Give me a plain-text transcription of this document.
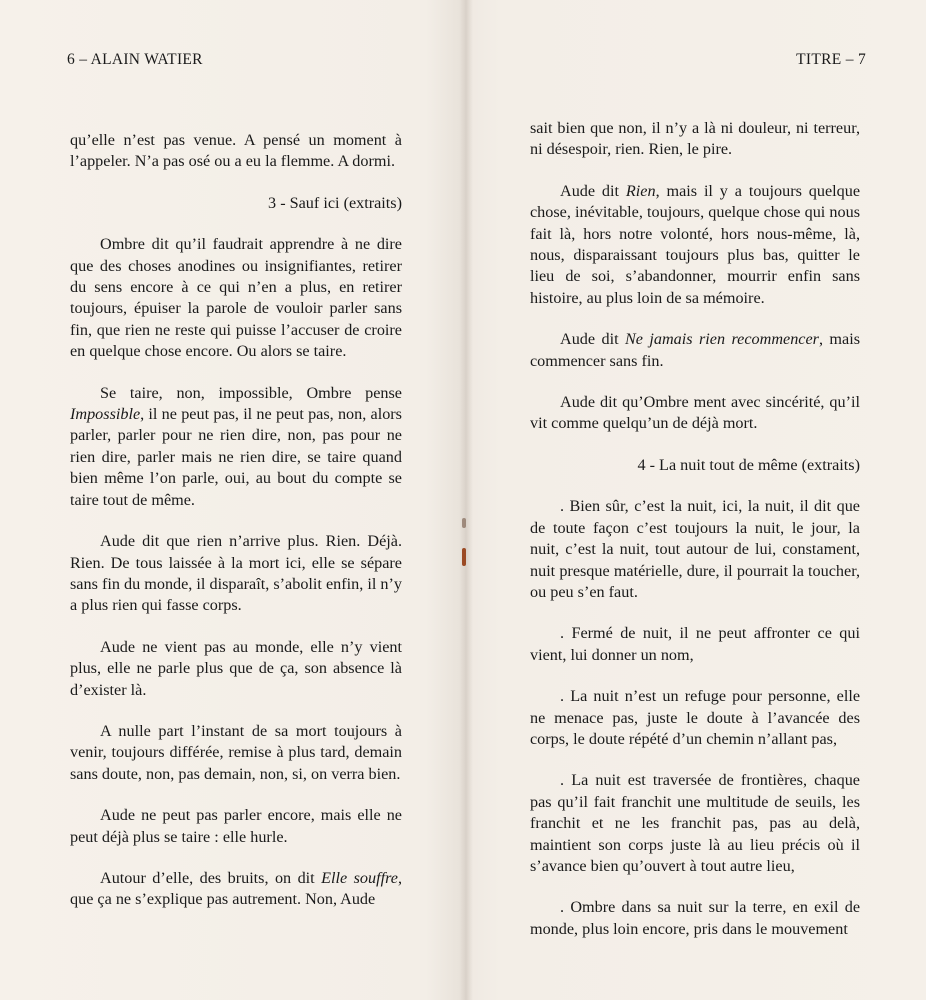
6 – ALAIN WATIER

qu’elle n’est pas venue. A pensé un moment à l’appeler. N’a pas osé ou a eu la flemme. A dormi.

3 - Sauf ici (extraits)

Ombre dit qu’il faudrait apprendre à ne dire que des choses anodines ou insignifiantes, retirer du sens encore à ce qui n’en a plus, en retirer toujours, épuiser la parole de vouloir parler sans fin, que rien ne reste qui puisse l’accuser de croire en quelque chose encore. Ou alors se taire.

Se taire, non, impossible, Ombre pense Impossible, il ne peut pas, il ne peut pas, non, alors parler, parler pour ne rien dire, non, pas pour ne rien dire, parler mais ne rien dire, se taire quand bien même l’on parle, oui, au bout du compte se taire tout de même.

Aude dit que rien n’arrive plus. Rien. Déjà. Rien. De tous laissée à la mort ici, elle se sépare sans fin du monde, il disparaît, s’abolit enfin, il n’y a plus rien qui fasse corps.

Aude ne vient pas au monde, elle n’y vient plus, elle ne parle plus que de ça, son absence là d’exister là.

A nulle part l’instant de sa mort toujours à venir, toujours différée, remise à plus tard, demain sans doute, non, pas demain, non, si, on verra bien.

Aude ne peut pas parler encore, mais elle ne peut déjà plus se taire : elle hurle.

Autour d’elle, des bruits, on dit Elle souffre, que ça ne s’explique pas autrement. Non, Aude

TITRE – 7

sait bien que non, il n’y a là ni douleur, ni terreur, ni désespoir, rien. Rien, le pire.

Aude dit Rien, mais il y a toujours quelque chose, inévitable, toujours, quelque chose qui nous fait là, hors notre volonté, hors nous-même, là, nous, disparaissant toujours plus bas, quitter le lieu de soi, s’abandonner, mourrir enfin sans histoire, au plus loin de sa mémoire.

Aude dit Ne jamais rien recommencer, mais commencer sans fin.

Aude dit qu’Ombre ment avec sincérité, qu’il vit comme quelqu’un de déjà mort.

4 - La nuit tout de même (extraits)

. Bien sûr, c’est la nuit, ici, la nuit, il dit que de toute façon c’est toujours la nuit, le jour, la nuit, c’est la nuit, tout autour de lui, constament, nuit presque matérielle, dure, il pourrait la toucher, ou peu s’en faut.

. Fermé de nuit, il ne peut affronter ce qui vient, lui donner un nom,

. La nuit n’est un refuge pour personne, elle ne menace pas, juste le doute à l’avancée des corps, le doute répété d’un chemin n’allant pas,

. La nuit est traversée de frontières, chaque pas qu’il fait franchit une multitude de seuils, les franchit et ne les franchit pas, pas au delà, maintient son corps juste là au lieu précis où il s’avance bien qu’ouvert à tout autre lieu,

. Ombre dans sa nuit sur la terre, en exil de monde, plus loin encore, pris dans le mouvement
